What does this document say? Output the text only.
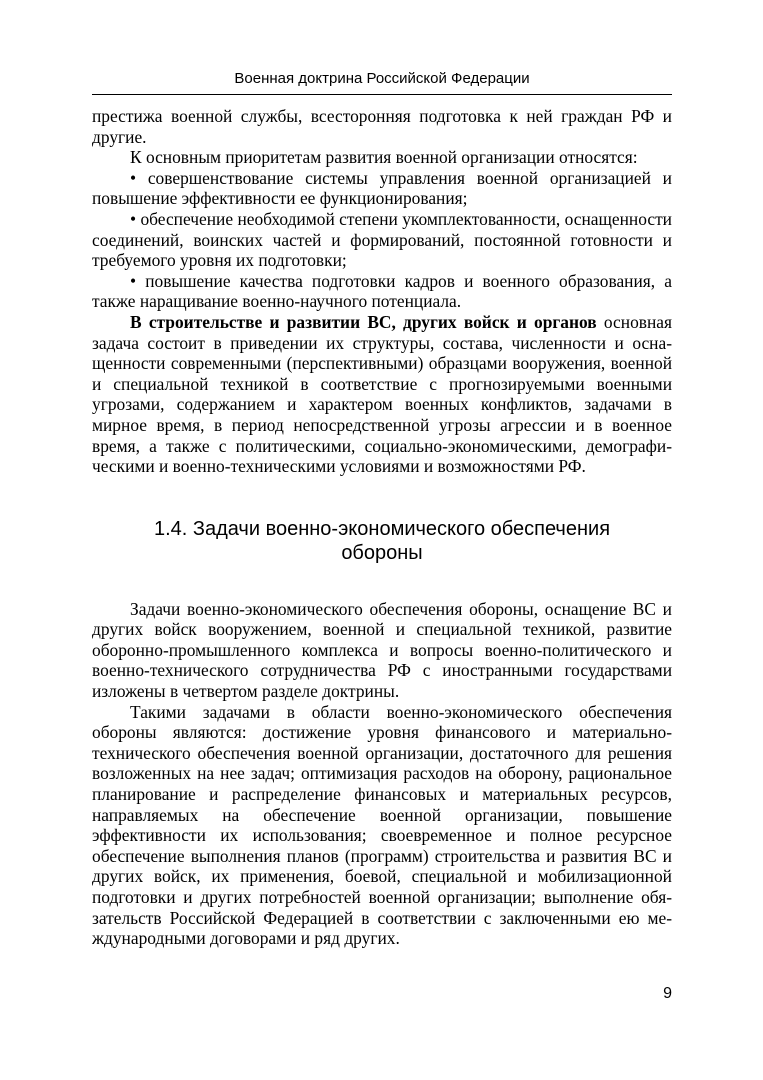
Военная доктрина Российской Федерации

престижа военной службы, всесторонняя подготовка к ней граждан РФ и другие.

К основным приоритетам развития военной организации относятся:

• совершенствование системы управления военной организацией и повышение эффективности ее функционирования;

• обеспечение необходимой степени укомплектованности, оснащенности соединений, воинских частей и формирований, постоянной готовности и требуемого уровня их подготовки;

• повышение качества подготовки кадров и военного образования, а также наращивание военно-научного потенциала.

В строительстве и развитии ВС, других войск и органов основная задача состоит в приведении их структуры, состава, численности и оснащенности современными (перспективными) образцами вооружения, военной и специальной техникой в соответствие с прогнозируемыми военными угрозами, содержанием и характером военных конфликтов, задачами в мирное время, в период непосредственной угрозы агрессии и в военное время, а также с политическими, социально-экономическими, демографическими и военно-техническими условиями и возможностями РФ.

1.4. Задачи военно-экономического обеспечения
обороны

Задачи военно-экономического обеспечения обороны, оснащение ВС и других войск вооружением, военной и специальной техникой, развитие оборонно-промышленного комплекса и вопросы военно-политического и военно-технического сотрудничества РФ с иностранными государствами изложены в четвертом разделе доктрины.

Такими задачами в области военно-экономического обеспечения обороны являются: достижение уровня финансового и материально-технического обеспечения военной организации, достаточного для решения возложенных на нее задач; оптимизация расходов на оборону, рациональное планирование и распределение финансовых и материальных ресурсов, направляемых на обеспечение военной организации, повышение эффективности их использования; своевременное и полное ресурсное обеспечение выполнения планов (программ) строительства и развития ВС и других войск, их применения, боевой, специальной и мобилизационной подготовки и других потребностей военной организации; выполнение обязательств Российской Федерацией в соответствии с заключенными ею международными договорами и ряд других.

9
